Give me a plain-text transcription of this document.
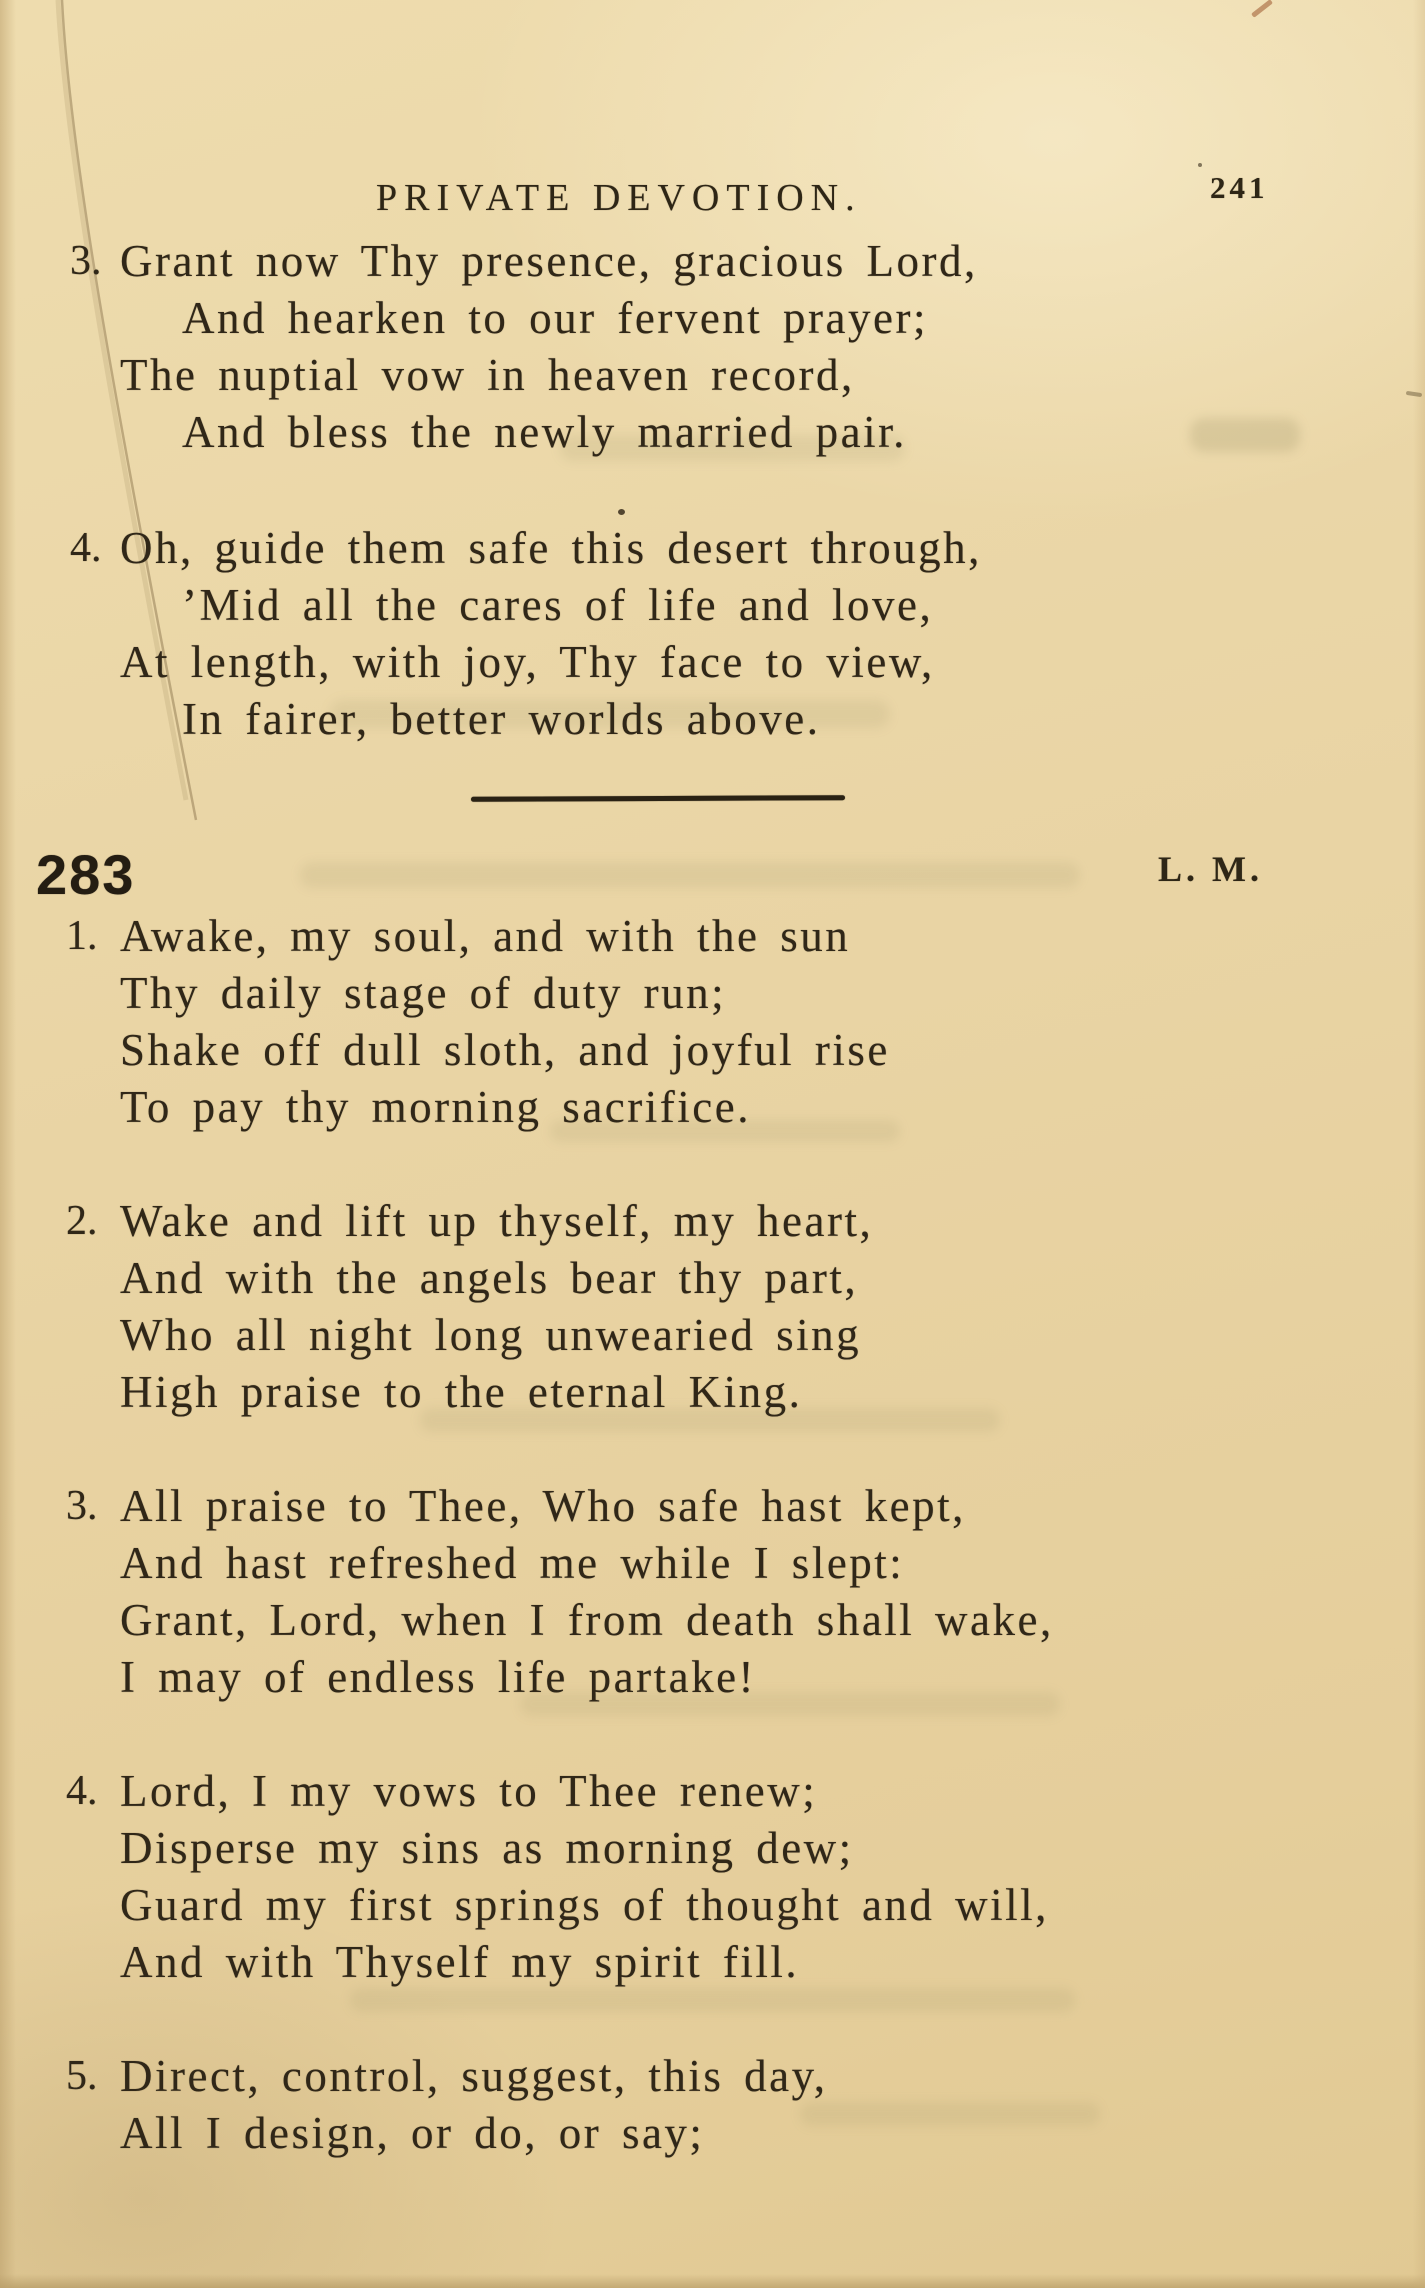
PRIVATE DEVOTION.	241
3. Grant now Thy presence, gracious Lord,
And hearken to our fervent prayer;
The nuptial vow in heaven record,
And bless the newly married pair.
4. Oh, guide them safe this desert through,
’Mid all the cares of life and love,
At length, with joy, Thy face to view,
In fairer, better worlds above.
283	L. M.
1. Awake, my soul, and with the sun
Thy daily stage of duty run;
Shake off dull sloth, and joyful rise
To pay thy morning sacrifice.
2. Wake and lift up thyself, my heart,
And with the angels bear thy part,
Who all night long unwearied sing
High praise to the eternal King.
3. All praise to Thee, Who safe hast kept,
And hast refreshed me while I slept:
Grant, Lord, when I from death shall wake,
I may of endless life partake!
4. Lord, I my vows to Thee renew;
Disperse my sins as morning dew;
Guard my first springs of thought and will,
And with Thyself my spirit fill.
5. Direct, control, suggest, this day,
All I design, or do, or say;
